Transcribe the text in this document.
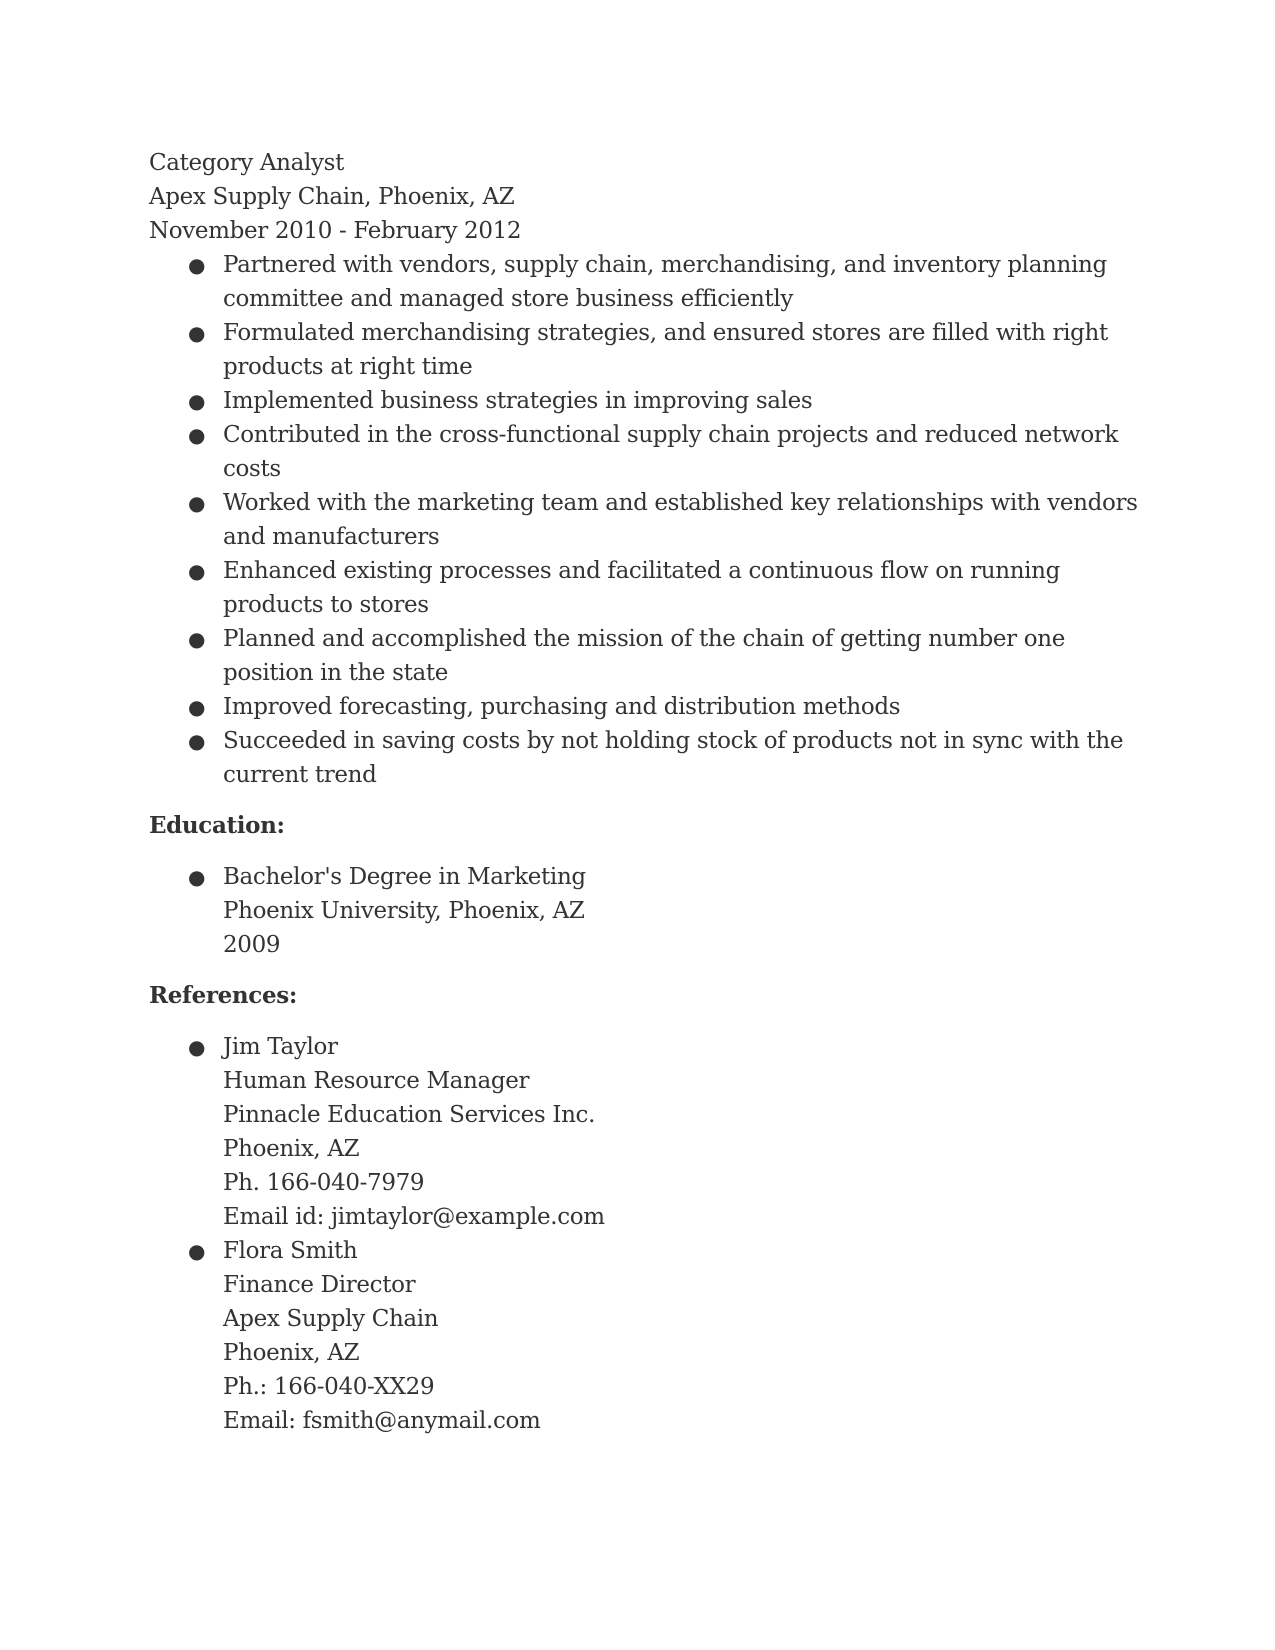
Category Analyst
Apex Supply Chain, Phoenix, AZ
November 2010 - February 2012
● Partnered with vendors, supply chain, merchandising, and inventory planning
committee and managed store business efficiently
● Formulated merchandising strategies, and ensured stores are filled with right
products at right time
● Implemented business strategies in improving sales
● Contributed in the cross-functional supply chain projects and reduced network
costs
● Worked with the marketing team and established key relationships with vendors
and manufacturers
● Enhanced existing processes and facilitated a continuous flow on running
products to stores
● Planned and accomplished the mission of the chain of getting number one
position in the state
● Improved forecasting, purchasing and distribution methods
● Succeeded in saving costs by not holding stock of products not in sync with the
current trend
Education:
● Bachelor's Degree in Marketing
Phoenix University, Phoenix, AZ
2009
References:
● Jim Taylor
Human Resource Manager
Pinnacle Education Services Inc.
Phoenix, AZ
Ph. 166-040-7979
Email id: jimtaylor@example.com
● Flora Smith
Finance Director
Apex Supply Chain
Phoenix, AZ
Ph.: 166-040-XX29
Email: fsmith@anymail.com
